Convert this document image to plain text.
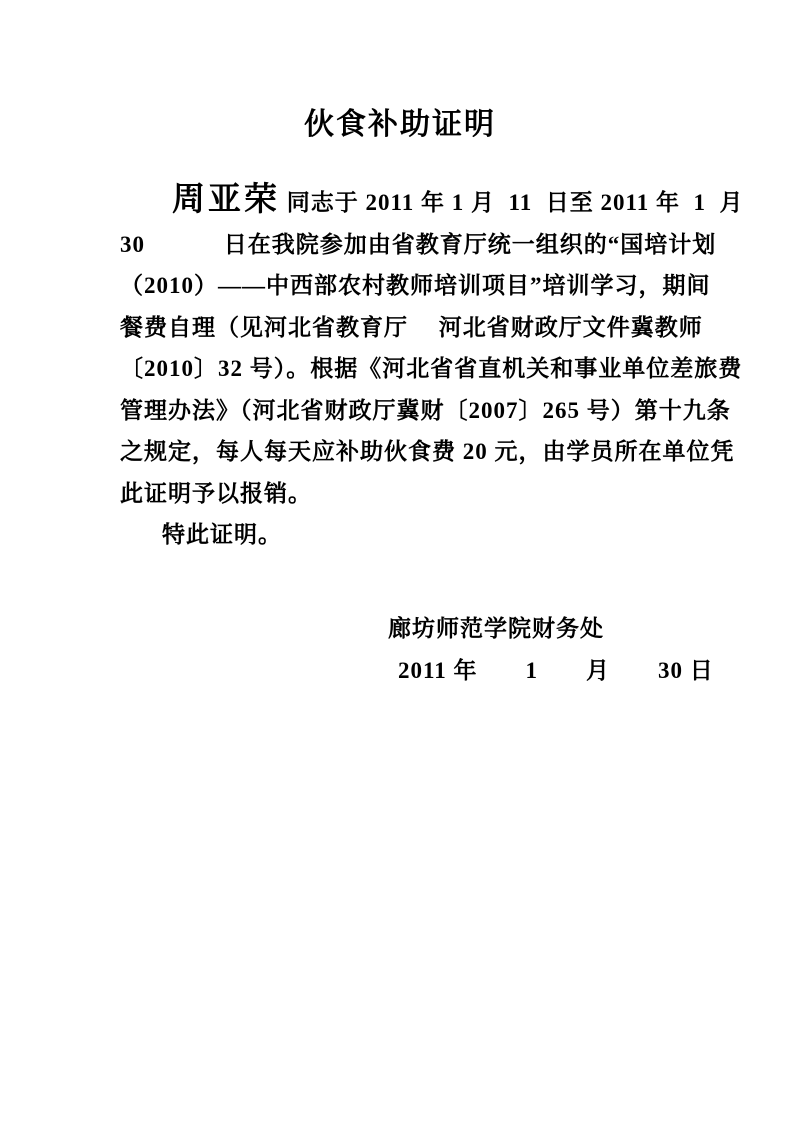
伙食补助证明
周亚荣 同志于 2011 年 1 月  11  日至 2011 年  1  月
30　　　 日在我院参加由省教育厅统一组织的“国培计划
（2010）——中西部农村教师培训项目”培训学习，期间
餐费自理（见河北省教育厅　 河北省财政厅文件冀教师
〔2010〕32 号）。根据《河北省省直机关和事业单位差旅费
管理办法》（河北省财政厅冀财〔2007〕265 号）第十九条
之规定，每人每天应补助伙食费 20 元，由学员所在单位凭
此证明予以报销。
特此证明。
廊坊师范学院财务处
2011 年　　1　　月　　30 日
